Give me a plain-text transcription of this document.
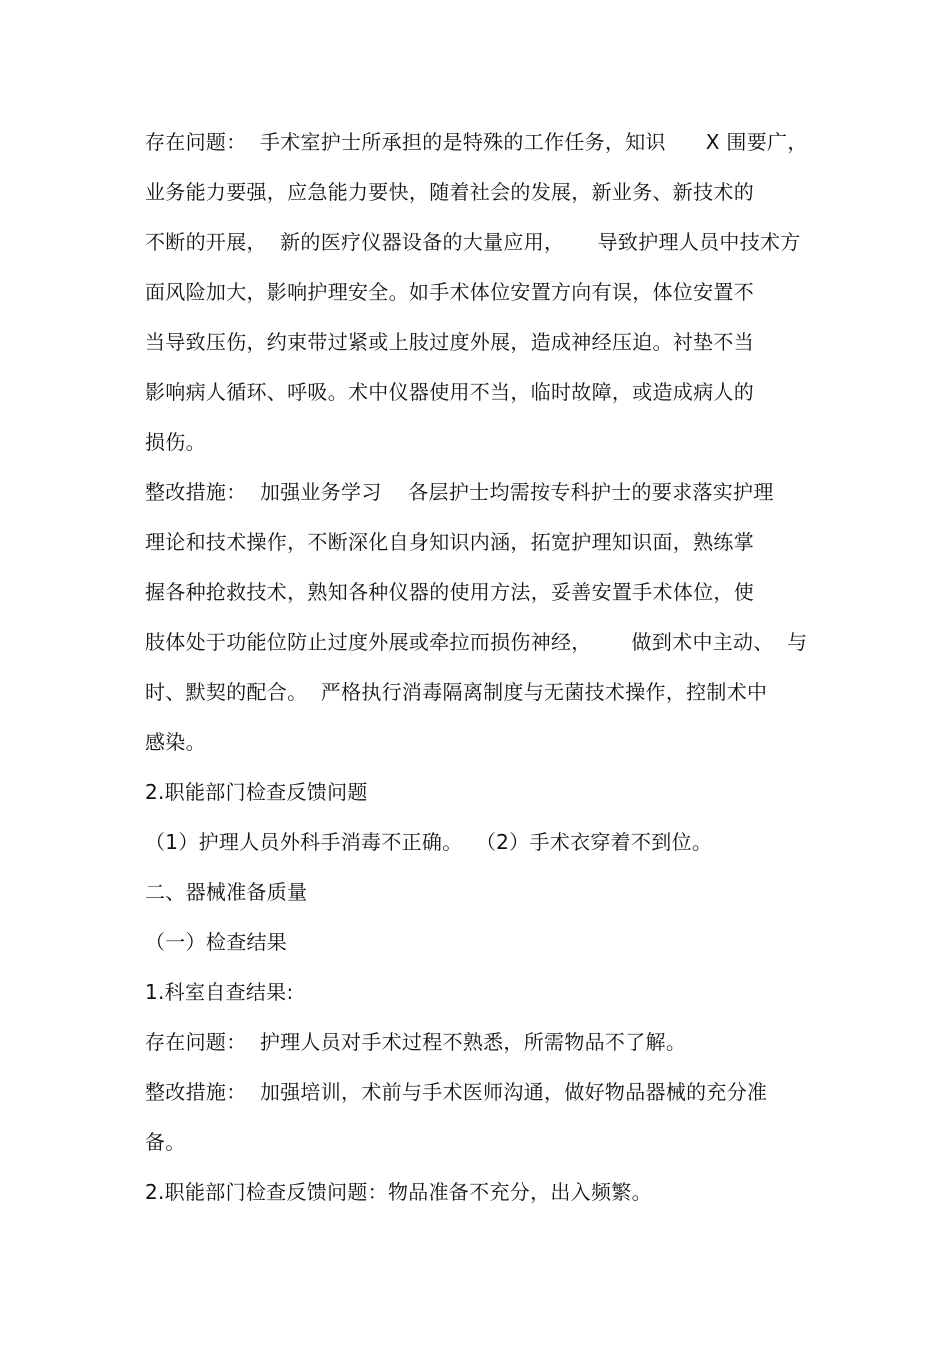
存在问题：  手术室护士所承担的是特殊的工作任务，知识      X 围要广，
业务能力要强，应急能力要快，随着社会的发展，新业务、新技术的
不断的开展，  新的医疗仪器设备的大量应用，     导致护理人员中技术方
面风险加大，影响护理安全。如手术体位安置方向有误，体位安置不
当导致压伤，约束带过紧或上肢过度外展，造成神经压迫。衬垫不当
影响病人循环、呼吸。术中仪器使用不当，临时故障，或造成病人的
损伤。
整改措施：  加强业务学习    各层护士均需按专科护士的要求落实护理
理论和技术操作，不断深化自身知识内涵，拓宽护理知识面，熟练掌
握各种抢救技术，熟知各种仪器的使用方法，妥善安置手术体位，使
肢体处于功能位防止过度外展或牵拉而损伤神经，      做到术中主动、  与
时、默契的配合。  严格执行消毒隔离制度与无菌技术操作，控制术中
感染。
2.职能部门检查反馈问题
（1）护理人员外科手消毒不正确。  （2）手术衣穿着不到位。
二、器械准备质量
（一）检查结果
1.科室自查结果:
存在问题：  护理人员对手术过程不熟悉，所需物品不了解。
整改措施：  加强培训，术前与手术医师沟通，做好物品器械的充分准
备。
2.职能部门检查反馈问题：物品准备不充分，出入频繁。
